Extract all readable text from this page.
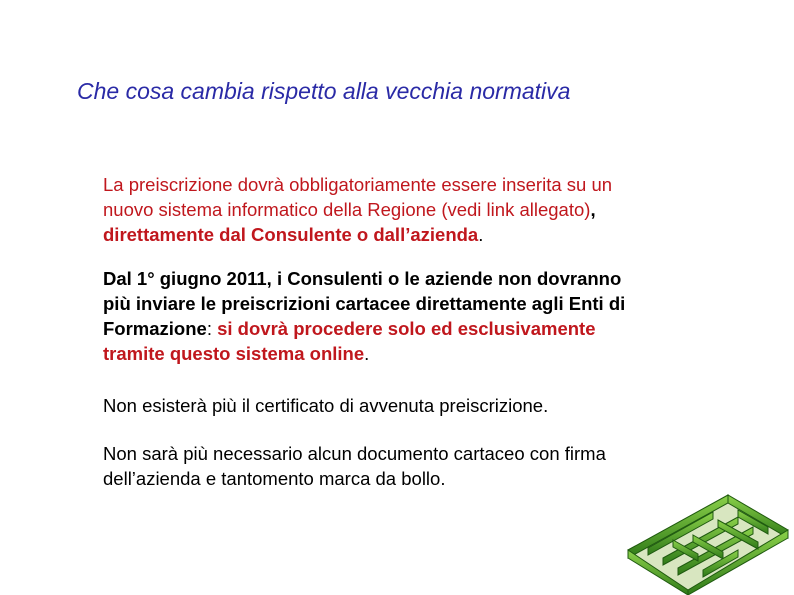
Che cosa cambia rispetto alla vecchia normativa
La preiscrizione dovrà obbligatoriamente essere inserita su un
nuovo sistema informatico della Regione (vedi link allegato),
direttamente dal Consulente o dall’azienda.
Dal 1° giugno 2011, i Consulenti o le aziende non dovranno
più inviare le preiscrizioni cartacee direttamente agli Enti di
Formazione: si dovrà procedere solo ed esclusivamente
tramite questo sistema online.
Non esisterà più il certificato di avvenuta preiscrizione.
Non sarà più necessario alcun documento cartaceo con firma
dell’azienda e tantomento marca da bollo.
